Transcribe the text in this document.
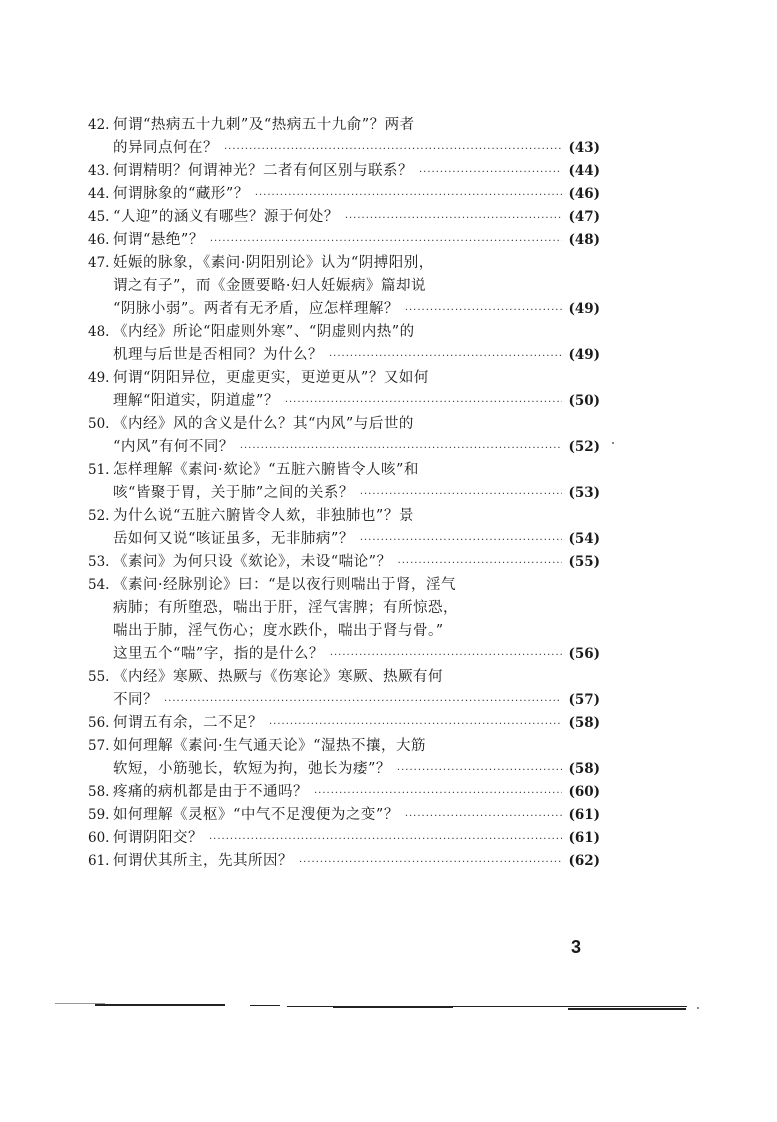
42. 何谓“热病五十九刺”及“热病五十九俞”？两者
的异同点何在？ ·····	(43)
43. 何谓精明？何谓神光？二者有何区别与联系？ ·····	(44)
44. 何谓脉象的“藏形”？ ·····	(46)
45. “人迎”的涵义有哪些？源于何处？ ·····	(47)
46. 何谓“悬绝”？ ·····	(48)
47. 妊娠的脉象，《素问·阴阳别论》认为“阴搏阳别，
谓之有子”，而《金匮要略·妇人妊娠病》篇却说
“阴脉小弱”。两者有无矛盾，应怎样理解？ ·····	(49)
48. 《内经》所论“阳虚则外寒”、“阴虚则内热”的
机理与后世是否相同？为什么？ ·····	(49)
49. 何谓“阴阳异位，更虚更实，更逆更从”？又如何
理解“阳道实，阴道虚”？ ·····	(50)
50. 《内经》风的含义是什么？其“内风”与后世的
“内风”有何不同？ ·····	(52)
51. 怎样理解《素问·欬论》“五脏六腑皆令人咳”和
咳“皆聚于胃，关于肺”之间的关系？ ·····	(53)
52. 为什么说“五脏六腑皆令人欬，非独肺也”？景
岳如何又说“咳证虽多，无非肺病”？ ·····	(54)
53. 《素问》为何只设《欬论》，未设“喘论”？ ·····	(55)
54. 《素问·经脉别论》曰：“是以夜行则喘出于肾，淫气
病肺；有所堕恐，喘出于肝，淫气害脾；有所惊恐，
喘出于肺，淫气伤心；度水跌仆，喘出于肾与骨。”
这里五个“喘”字，指的是什么？ ·····	(56)
55. 《内经》寒厥、热厥与《伤寒论》寒厥、热厥有何
不同？ ·····	(57)
56. 何谓五有余，二不足？ ·····	(58)
57. 如何理解《素问·生气通天论》“湿热不攘，大筋
软短，小筋驰长，软短为拘，弛长为痿”？ ·····	(58)
58. 疼痛的病机都是由于不通吗？ ·····	(60)
59. 如何理解《灵枢》“中气不足溲便为之变”？ ·····	(61)
60. 何谓阴阳交？ ·····	(61)
61. 何谓伏其所主，先其所因？ ·····	(62)
3
